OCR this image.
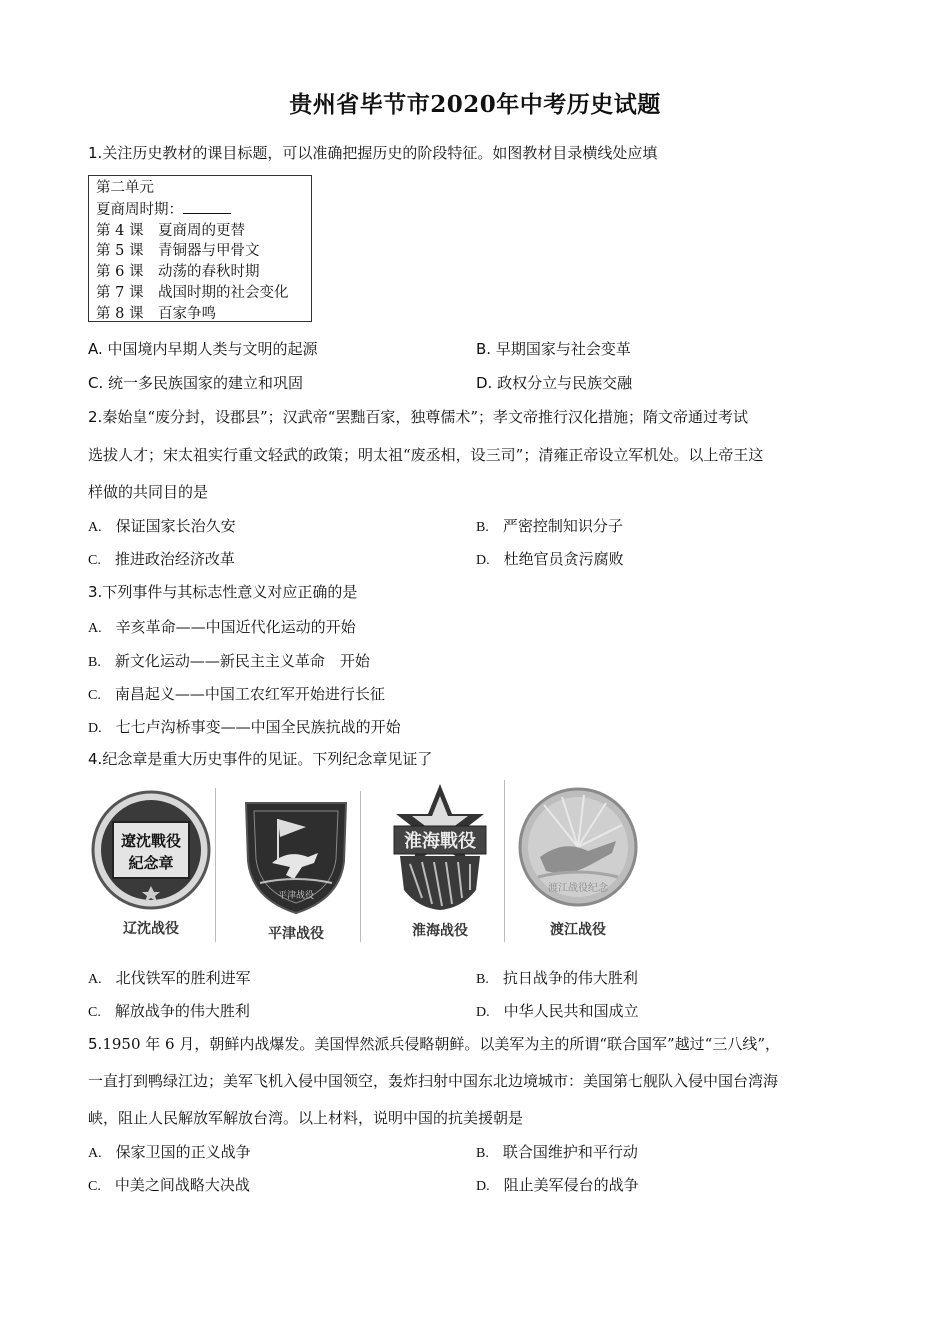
贵州省毕节市2020年中考历史试题
1.关注历史教材的课目标题，可以准确把握历史的阶段特征。如图教材目录横线处应填
第二单元
夏商周时期：
第 4 课　夏商周的更替
第 5 课　青铜器与甲骨文
第 6 课　动荡的春秋时期
第 7 课　战国时期的社会变化
第 8 课　百家争鸣
A. 中国境内早期人类与文明的起源	B. 早期国家与社会变革
C. 统一多民族国家的建立和巩固	D. 政权分立与民族交融
2.秦始皇“废分封，设郡县”；汉武帝“罢黜百家，独尊儒术”；孝文帝推行汉化措施；隋文帝通过考试
选拔人才；宋太祖实行重文轻武的政策；明太祖“废丞相，设三司”；清雍正帝设立军机处。以上帝王这
样做的共同目的是
A. 保证国家长治久安	B. 严密控制知识分子
C. 推进政治经济改革	D. 杜绝官员贪污腐败
3.下列事件与其标志性意义对应正确的是
A. 辛亥革命——中国近代化运动的开始
B. 新文化运动——新民主主义革命　开始
C. 南昌起义——中国工农红军开始进行长征
D. 七七卢沟桥事变——中国全民族抗战的开始
4.纪念章是重大历史事件的见证。下列纪念章见证了
遼沈戰役
紀念章
辽沈战役
平津战役
平津战役
淮海戰役
淮海战役
渡江战役纪念
渡江战役
A. 北伐铁军的胜利进军	B. 抗日战争的伟大胜利
C. 解放战争的伟大胜利	D. 中华人民共和国成立
5.1950 年 6 月，朝鲜内战爆发。美国悍然派兵侵略朝鲜。以美军为主的所谓“联合国军”越过“三八线”，
一直打到鸭绿江边；美军飞机入侵中国领空，轰炸扫射中国东北边境城市：美国第七舰队入侵中国台湾海
峡，阻止人民解放军解放台湾。以上材料，说明中国的抗美援朝是
A. 保家卫国的正义战争	B. 联合国维护和平行动
C. 中美之间战略大决战	D. 阻止美军侵台的战争
